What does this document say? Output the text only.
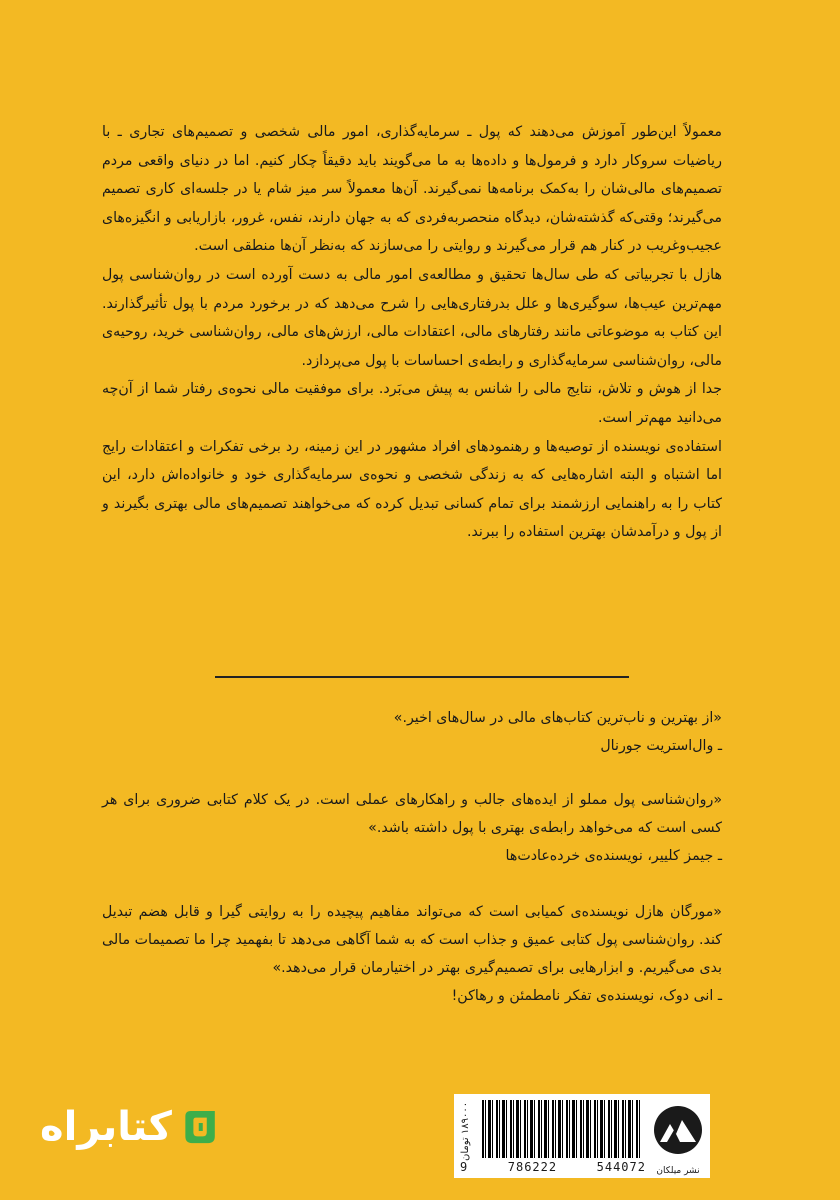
معمولاً این‌طور آموزش می‌دهند که پول ـ سرمایه‌گذاری، امور مالی شخصی و تصمیم‌های تجاری ـ با ریاضیات سروکار دارد و فرمول‌ها و داده‌ها به ما می‌گویند باید دقیقاً چکار کنیم. اما در دنیای واقعی مردم تصمیم‌های مالی‌شان را به‌کمک برنامه‌ها نمی‌گیرند. آن‌ها معمولاً سر میز شام یا در جلسه‌ای کاری تصمیم می‌گیرند؛ وقتی‌که گذشته‌شان، دیدگاه منحصربه‌فردی که به جهان دارند، نفس، غرور، بازاریابی و انگیزه‌های عجیب‌وغریب در کنار هم قرار می‌گیرند و روایتی را می‌سازند که به‌نظر آن‌ها منطقی است.

هازل با تجربیاتی که طی سال‌ها تحقیق و مطالعه‌ی امور مالی به دست آورده است در روان‌شناسی پول مهم‌ترین عیب‌ها، سوگیری‌ها و علل بدرفتاری‌هایی را شرح می‌دهد که در برخورد مردم با پول تأثیرگذارند. این کتاب به موضوعاتی مانند رفتارهای مالی، اعتقادات مالی، ارزش‌های مالی، روان‌شناسی خرید، روحیه‌ی مالی، روان‌شناسی سرمایه‌گذاری و رابطه‌ی احساسات با پول می‌پردازد.

جدا از هوش و تلاش، نتایج مالی را شانس به پیش می‌بَرد. برای موفقیت مالی نحوه‌ی رفتار شما از آن‌چه می‌دانید مهم‌تر است.

استفاده‌ی نویسنده از توصیه‌ها و رهنمودهای افراد مشهور در این زمینه، رد برخی تفکرات و اعتقادات رایج اما اشتباه و البته اشاره‌هایی که به زندگی شخصی و نحوه‌ی سرمایه‌گذاری خود و خانواده‌اش دارد، این کتاب را به راهنمایی ارزشمند برای تمام کسانی تبدیل کرده که می‌خواهند تصمیم‌های مالی بهتری بگیرند و از پول و درآمدشان بهترین استفاده را ببرند.

«از بهترین و ناب‌ترین کتاب‌های مالی در سال‌های اخیر.»

ـ وال‌استریت جورنال

«روان‌شناسی پول مملو از ایده‌های جالب و راهکارهای عملی است. در یک کلام کتابی ضروری برای هر کسی است که می‌خواهد رابطه‌ی بهتری با پول داشته باشد.»

ـ جیمز کلییر، نویسنده‌ی خرده‌عادت‌ها

«مورگان هازل نویسنده‌ی کمیابی است که می‌تواند مفاهیم پیچیده را به روایتی گیرا و قابل هضم تبدیل کند. روان‌شناسی پول کتابی عمیق و جذاب است که به شما آگاهی می‌دهد تا بفهمید چرا ما تصمیمات مالی بدی می‌گیریم. و ابزارهایی برای تصمیم‌گیری بهتر در اختیارمان قرار می‌دهد.»

ـ انی دوک، نویسنده‌ی تفکر نامطمئن و رهاکن!

کتابراه	۱۸۹۰۰۰ تومان
9	786222	544072	نشر میلکان
